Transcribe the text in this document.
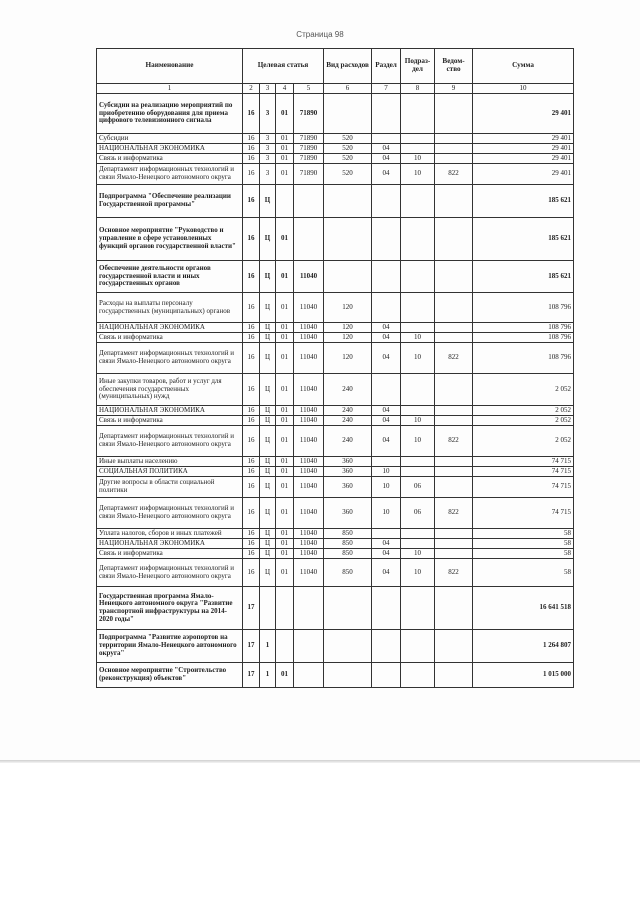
Страница 98
Наименование	Целевая статья				Вид расходов	Раздел	Подраз-дел	Ведом-ство	Сумма
1	2	3	4	5	6	7	8	9	10
Субсидии на реализацию мероприятий по приобретению оборудования для приема цифрового телевизионного сигнала	16	3	01	71890					29 401
Субсидии	16	3	01	71890	520				29 401
НАЦИОНАЛЬНАЯ ЭКОНОМИКА	16	3	01	71890	520	04			29 401
Связь и информатика	16	3	01	71890	520	04	10		29 401
Департамент информационных технологий и связи Ямало-Ненецкого автономного округа	16	3	01	71890	520	04	10	822	29 401
Подпрограмма "Обеспечение реализации Государственной программы"	16	Ц							185 621
Основное мероприятие "Руководство и управление в сфере установленных функций органов государственной власти"	16	Ц	01						185 621
Обеспечение деятельности органов государственной власти и иных государственных органов	16	Ц	01	11040					185 621
Расходы на выплаты персоналу государственных (муниципальных) органов	16	Ц	01	11040	120				108 796
НАЦИОНАЛЬНАЯ ЭКОНОМИКА	16	Ц	01	11040	120	04			108 796
Связь и информатика	16	Ц	01	11040	120	04	10		108 796
Департамент информационных технологий и связи Ямало-Ненецкого автономного округа	16	Ц	01	11040	120	04	10	822	108 796
Иные закупки товаров, работ и услуг для обеспечения государственных (муниципальных) нужд	16	Ц	01	11040	240				2 052
НАЦИОНАЛЬНАЯ ЭКОНОМИКА	16	Ц	01	11040	240	04			2 052
Связь и информатика	16	Ц	01	11040	240	04	10		2 052
Департамент информационных технологий и связи Ямало-Ненецкого автономного округа	16	Ц	01	11040	240	04	10	822	2 052
Иные выплаты населению	16	Ц	01	11040	360				74 715
СОЦИАЛЬНАЯ ПОЛИТИКА	16	Ц	01	11040	360	10			74 715
Другие вопросы в области социальной политики	16	Ц	01	11040	360	10	06		74 715
Департамент информационных технологий и связи Ямало-Ненецкого автономного округа	16	Ц	01	11040	360	10	06	822	74 715
Уплата налогов, сборов и иных платежей	16	Ц	01	11040	850				58
НАЦИОНАЛЬНАЯ ЭКОНОМИКА	16	Ц	01	11040	850	04			58
Связь и информатика	16	Ц	01	11040	850	04	10		58
Департамент информационных технологий и связи Ямало-Ненецкого автономного округа	16	Ц	01	11040	850	04	10	822	58
Государственная программа Ямало-Ненецкого автономного округа "Развитие транспортной инфраструктуры на 2014-2020 годы"	17								16 641 518
Подпрограмма "Развитие аэропортов на территории Ямало-Ненецкого автономного округа"	17	1							1 264 807
Основное мероприятие "Строительство (реконструкция) объектов"	17	1	01						1 015 000
